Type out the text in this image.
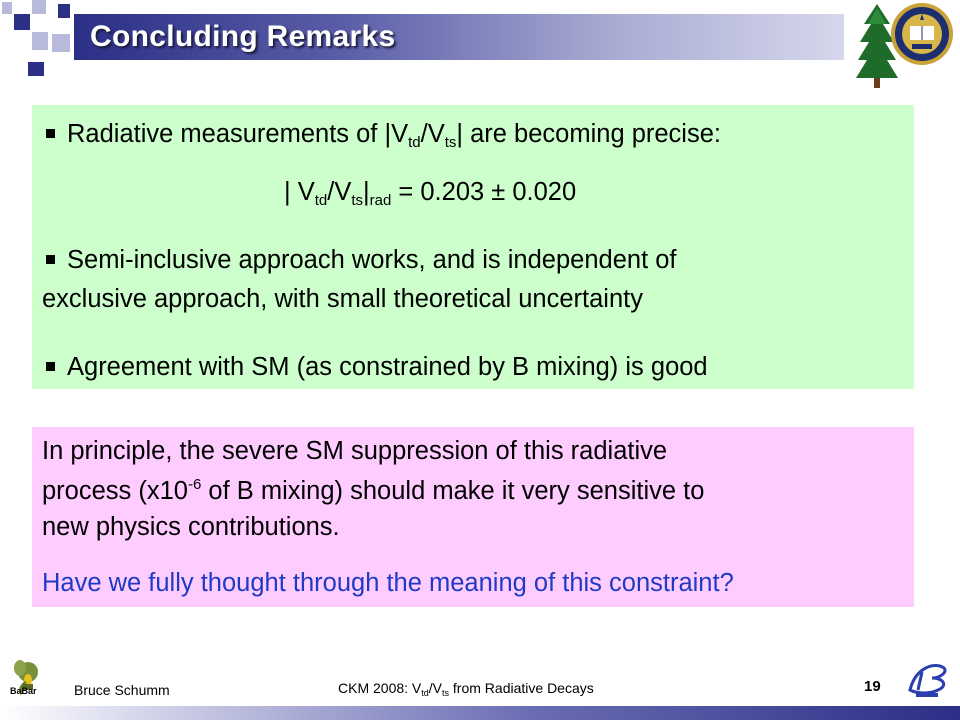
Concluding Remarks
Radiative measurements of $|V_{td}/V_{ts}|$ are becoming precise:
| $V_{td}/V_{ts}|_{rad} = 0.203 \pm 0.020$
Semi-inclusive approach works, and is independent of
exclusive approach, with small theoretical uncertainty
Agreement with SM (as constrained by B mixing) is good
In principle, the severe SM suppression of this radiative
process ($x10^{-6}$ of B mixing) should make it very sensitive to
new physics contributions.
Have we fully thought through the meaning of this constraint?
BaBar	Bruce Schumm	CKM 2008: $V_{td}/V_{ts}$ from Radiative Decays	19
